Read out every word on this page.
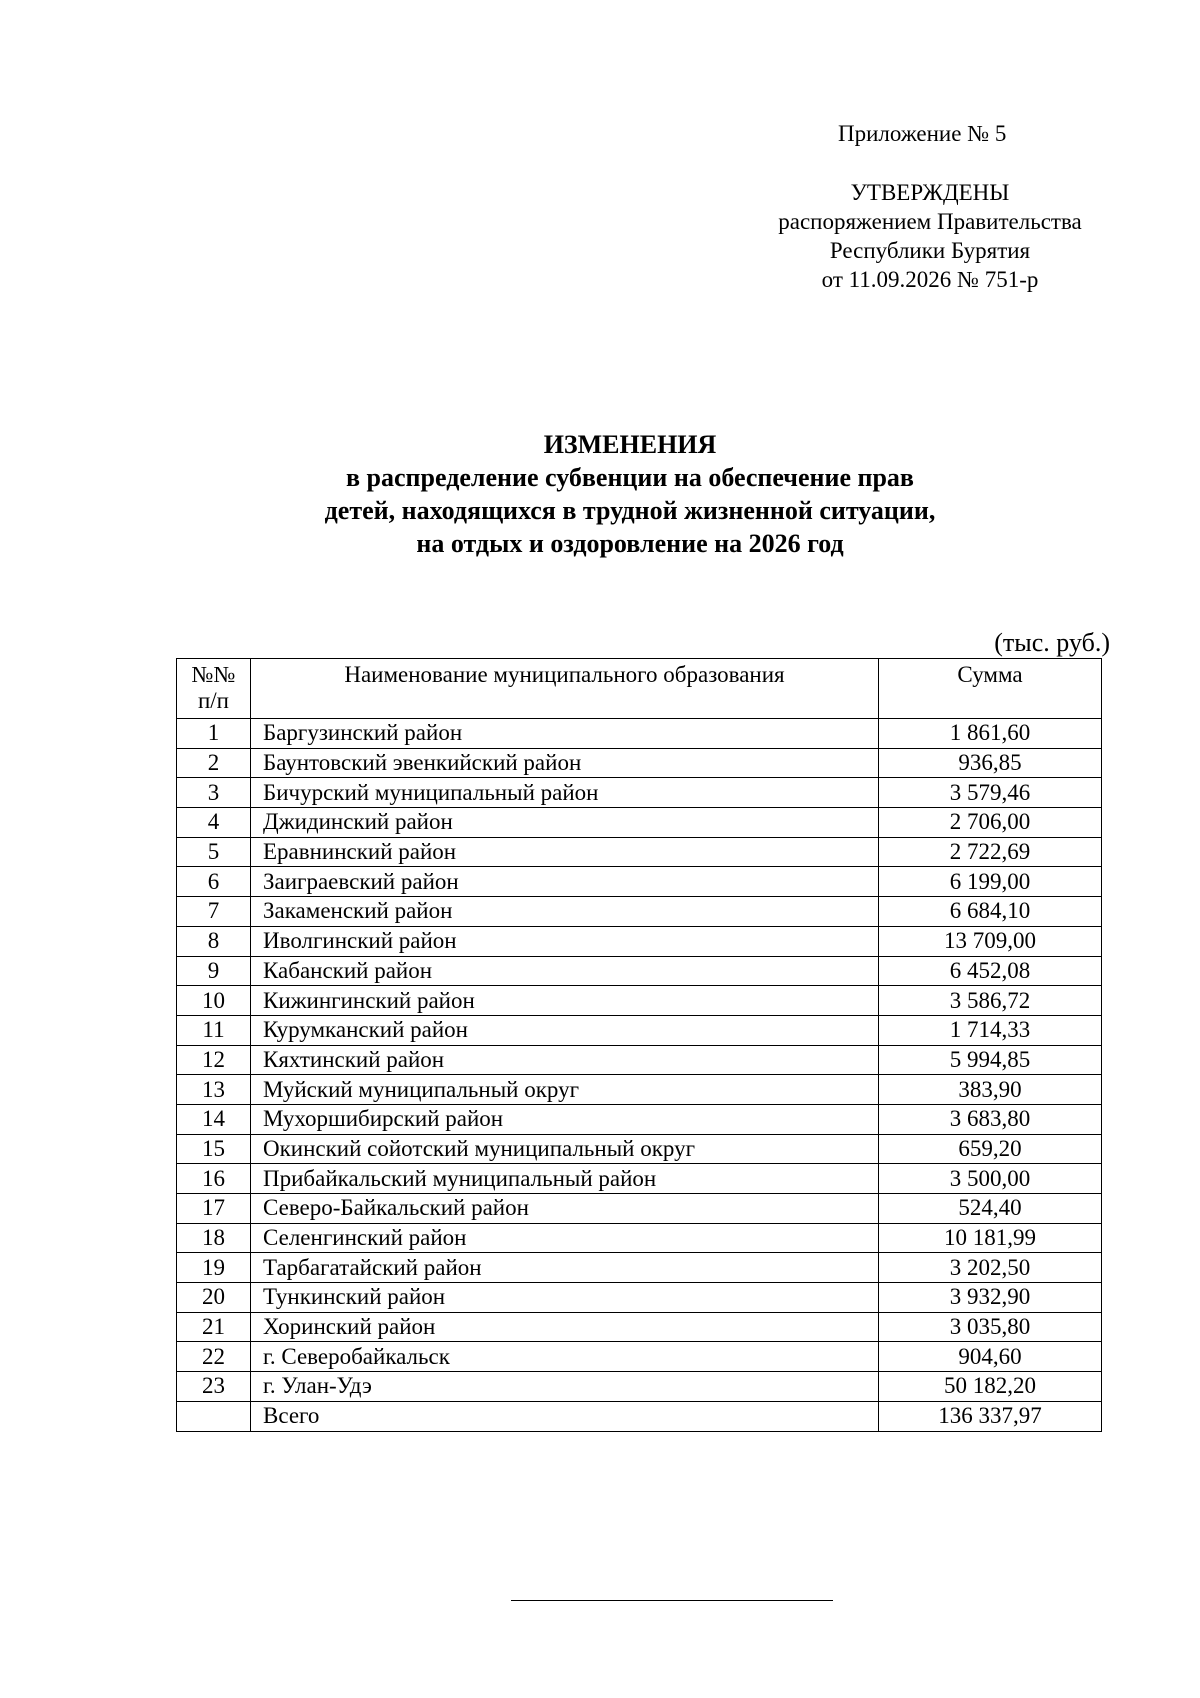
Приложение № 5
УТВЕРЖДЕНЫ
распоряжением Правительства
Республики Бурятия
от 11.09.2026 № 751-р
ИЗМЕНЕНИЯ
в распределение субвенции на обеспечение прав
детей, находящихся в трудной жизненной ситуации,
на отдых и оздоровление на 2026 год
(тыс. руб.)
№№
п/п	Наименование муниципального образования	Сумма
1	Баргузинский район	1 861,60
2	Баунтовский эвенкийский район	936,85
3	Бичурский муниципальный район	3 579,46
4	Джидинский район	2 706,00
5	Еравнинский район	2 722,69
6	Заиграевский район	6 199,00
7	Закаменский район	6 684,10
8	Иволгинский район	13 709,00
9	Кабанский район	6 452,08
10	Кижингинский район	3 586,72
11	Курумканский район	1 714,33
12	Кяхтинский район	5 994,85
13	Муйский муниципальный округ	383,90
14	Мухоршибирский район	3 683,80
15	Окинский сойотский муниципальный округ	659,20
16	Прибайкальский муниципальный район	3 500,00
17	Северо-Байкальский район	524,40
18	Селенгинский район	10 181,99
19	Тарбагатайский район	3 202,50
20	Тункинский район	3 932,90
21	Хоринский район	3 035,80
22	г. Северобайкальск	904,60
23	г. Улан-Удэ	50 182,20
	Всего	136 337,97
